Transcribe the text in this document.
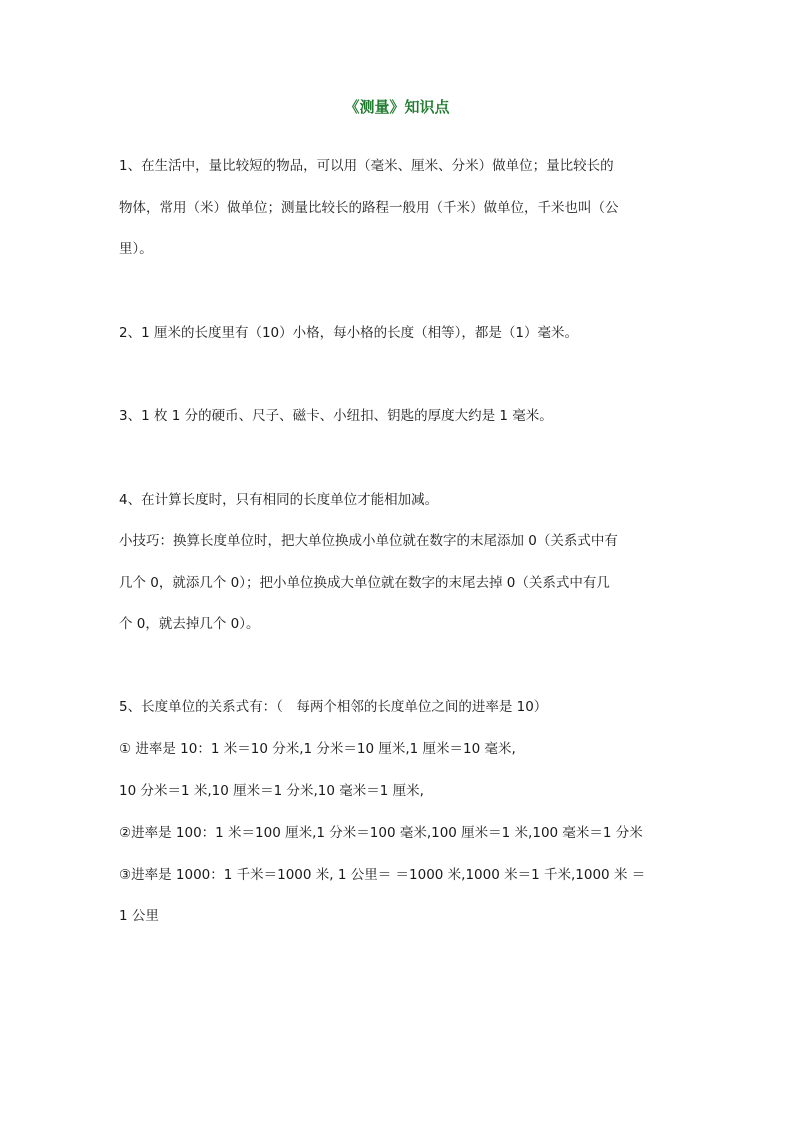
《测量》知识点
1、在生活中，量比较短的物品，可以用（毫米、厘米、分米）做单位；量比较长的
物体，常用（米）做单位；测量比较长的路程一般用（千米）做单位，千米也叫（公
里）。
2、1 厘米的长度里有（10）小格，每小格的长度（相等），都是（1）毫米。
3、1 枚 1 分的硬币、尺子、磁卡、小纽扣、钥匙的厚度大约是 1 毫米。
4、在计算长度时，只有相同的长度单位才能相加减。
小技巧：换算长度单位时，把大单位换成小单位就在数字的末尾添加 0（关系式中有
几个 0，就添几个 0）；把小单位换成大单位就在数字的末尾去掉 0（关系式中有几
个 0，就去掉几个 0）。
5、长度单位的关系式有：（　每两个相邻的长度单位之间的进率是 10）
① 进率是 10：1 米＝10 分米,1 分米＝10 厘米,1 厘米＝10 毫米,
10 分米＝1 米,10 厘米＝1 分米,10 毫米＝1 厘米,
②进率是 100：1 米＝100 厘米,1 分米＝100 毫米,100 厘米＝1 米,100 毫米＝1 分米
③进率是 1000：1 千米＝1000 米, 1 公里＝ ＝1000 米,1000 米＝1 千米,1000 米 ＝
1 公里
